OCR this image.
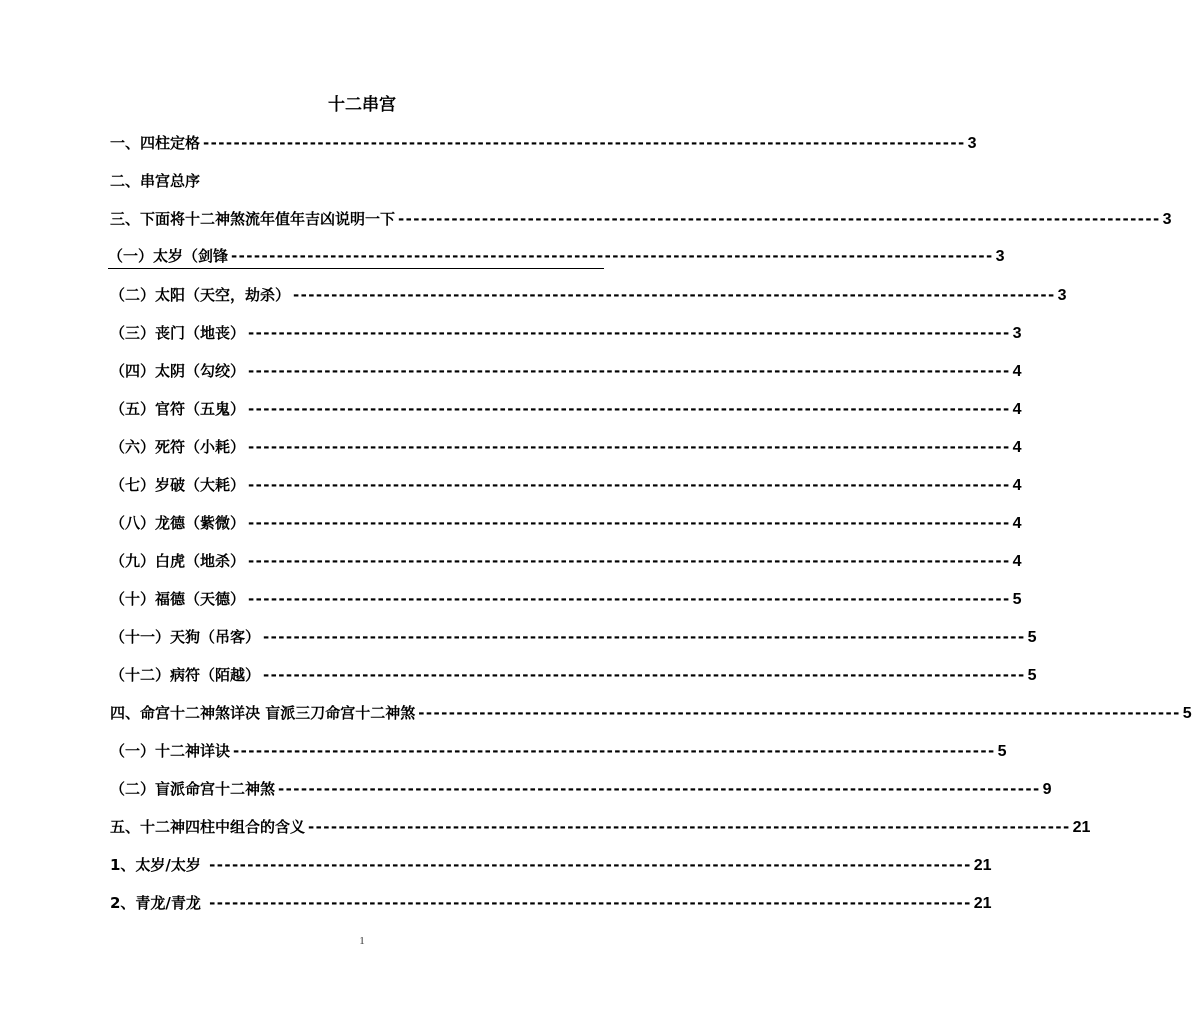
十二串宫
一、四柱定格 ---------------------------------------------------------------------------------------------------- 3
二、串宫总序
三、下面将十二神煞流年值年吉凶说明一下 ---------------------------------------------------------------------------------------------------- 3
（一）太岁（剑锋 ---------------------------------------------------------------------------------------------------- 3
（二）太阳（天空，劫杀） ---------------------------------------------------------------------------------------------------- 3
（三）丧门（地丧） ---------------------------------------------------------------------------------------------------- 3
（四）太阴（勾绞） ---------------------------------------------------------------------------------------------------- 4
（五）官符（五鬼） ---------------------------------------------------------------------------------------------------- 4
（六）死符（小耗） ---------------------------------------------------------------------------------------------------- 4
（七）岁破（大耗） ---------------------------------------------------------------------------------------------------- 4
（八）龙德（紫微） ---------------------------------------------------------------------------------------------------- 4
（九）白虎（地杀） ---------------------------------------------------------------------------------------------------- 4
（十）福德（天德） ---------------------------------------------------------------------------------------------------- 5
（十一）天狗（吊客） ---------------------------------------------------------------------------------------------------- 5
（十二）病符（陌越） ---------------------------------------------------------------------------------------------------- 5
四、命宫十二神煞详决 盲派三刀命宫十二神煞 ---------------------------------------------------------------------------------------------------- 5
（一）十二神详诀 ---------------------------------------------------------------------------------------------------- 5
（二）盲派命宫十二神煞 ---------------------------------------------------------------------------------------------------- 9
五、十二神四柱中组合的含义 ---------------------------------------------------------------------------------------------------- 21
1、太岁/太岁 ---------------------------------------------------------------------------------------------------- 21
2、青龙/青龙 ---------------------------------------------------------------------------------------------------- 21
1
